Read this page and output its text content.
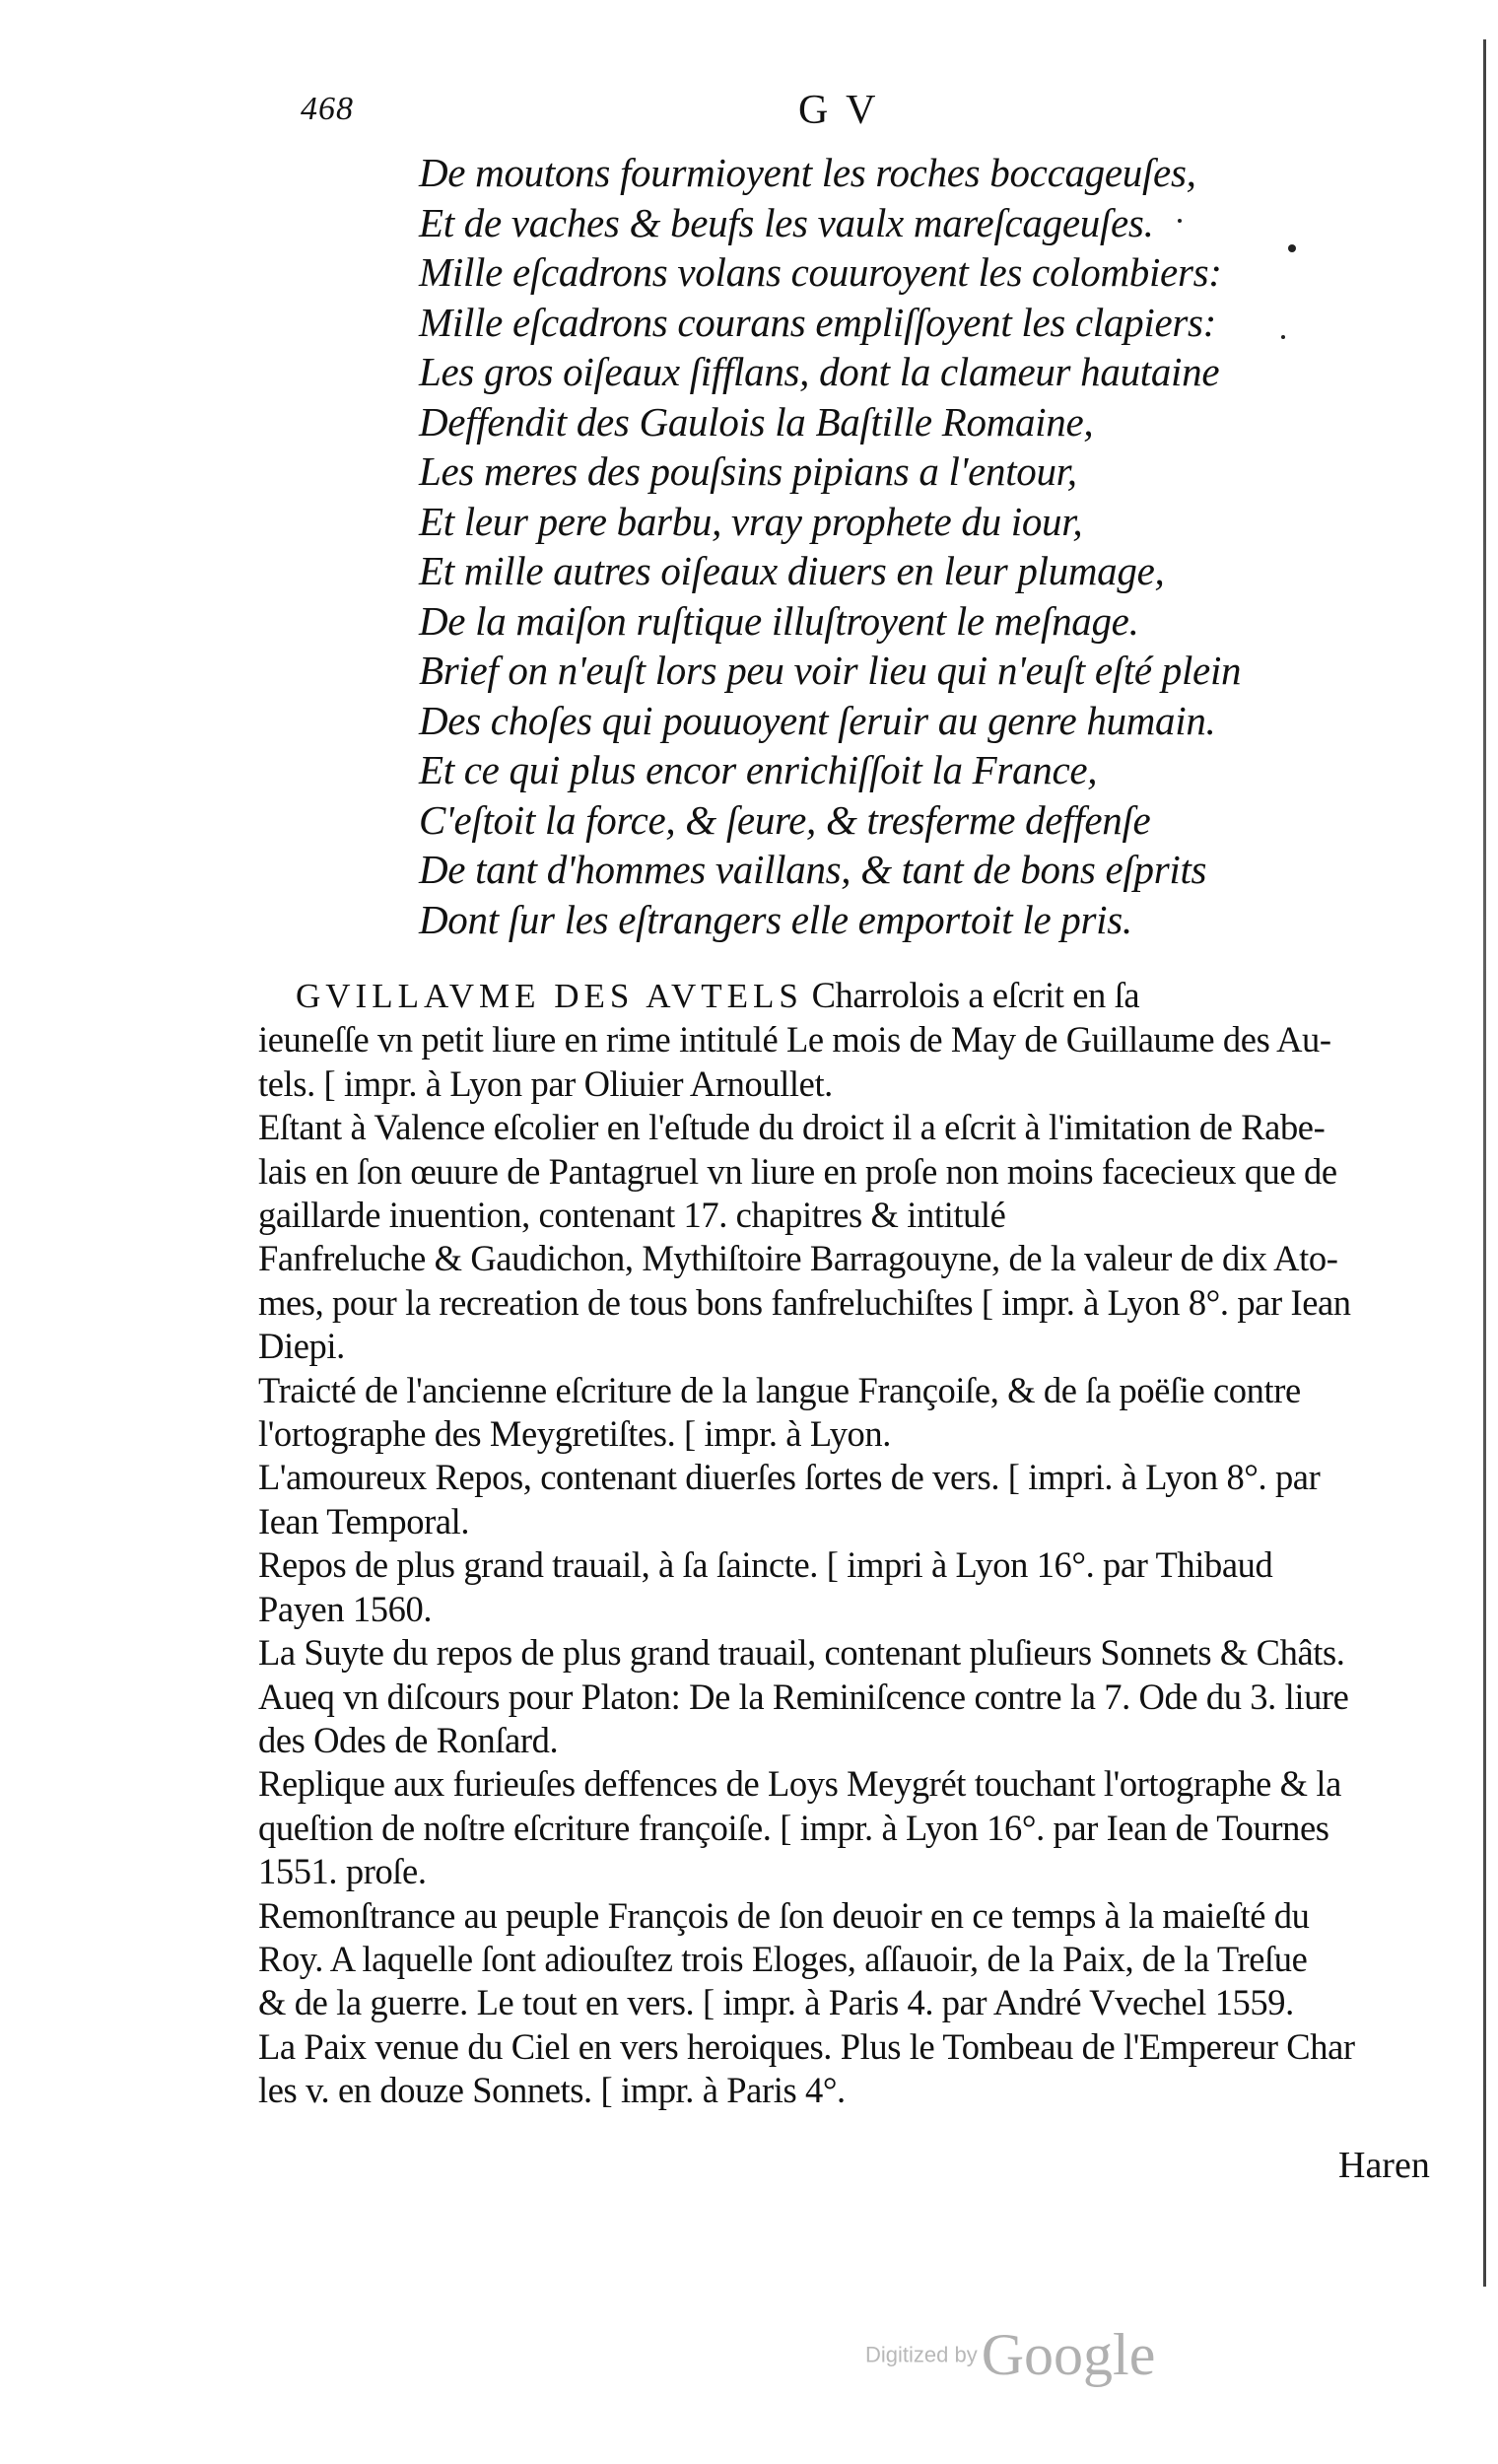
468	G V
De moutons fourmioyent les roches boccageuſes,
Et de vaches & beufs les vaulx mareſcageuſes.
Mille eſcadrons volans couuroyent les colombiers:
Mille eſcadrons courans empliſſoyent les clapiers:
Les gros oiſeaux ſifflans, dont la clameur hautaine
Deffendit des Gaulois la Baſtille Romaine,
Les meres des pouſsins pipians a l'entour,
Et leur pere barbu, vray prophete du iour,
Et mille autres oiſeaux diuers en leur plumage,
De la maiſon ruſtique illuſtroyent le meſnage.
Brief on n'euſt lors peu voir lieu qui n'euſt eſté plein
Des choſes qui pouuoyent ſeruir au genre humain.
Et ce qui plus encor enrichiſſoit la France,
C'eſtoit la force, & ſeure, & tresferme deffenſe
De tant d'hommes vaillans, & tant de bons eſprits
Dont ſur les eſtrangers elle emportoit le pris.
GVILLAVME DES AVTELS Charrolois a eſcrit en ſa
ieuneſſe vn petit liure en rime intitulé Le mois de May de Guillaume des Au-
tels. [ impr. à Lyon par Oliuier Arnoullet.
Eſtant à Valence eſcolier en l'eſtude du droict il a eſcrit à l'imitation de Rabe-
lais en ſon œuure de Pantagruel vn liure en proſe non moins facecieux que de
gaillarde inuention, contenant 17. chapitres & intitulé
Fanfreluche & Gaudichon, Mythiſtoire Barragouyne, de la valeur de dix Ato-
mes, pour la recreation de tous bons fanfreluchiſtes [ impr. à Lyon 8°. par Iean
Diepi.
Traicté de l'ancienne eſcriture de la langue Françoiſe, & de ſa poëſie contre
l'ortographe des Meygretiſtes. [ impr. à Lyon.
L'amoureux Repos, contenant diuerſes ſortes de vers. [ impri. à Lyon 8°. par
Iean Temporal.
Repos de plus grand trauail, à ſa ſaincte. [ impri à Lyon 16°. par Thibaud
Payen 1560.
La Suyte du repos de plus grand trauail, contenant pluſieurs Sonnets & Châts.
Aueq vn diſcours pour Platon: De la Reminiſcence contre la 7. Ode du 3. liure
des Odes de Ronſard.
Replique aux furieuſes deffences de Loys Meygrét touchant l'ortographe & la
queſtion de noſtre eſcriture françoiſe. [ impr. à Lyon 16°. par Iean de Tournes
1551. proſe.
Remonſtrance au peuple François de ſon deuoir en ce temps à la maieſté du
Roy. A laquelle ſont adiouſtez trois Eloges, aſſauoir, de la Paix, de la Treſue
& de la guerre. Le tout en vers. [ impr. à Paris 4. par André Vvechel 1559.
La Paix venue du Ciel en vers heroiques. Plus le Tombeau de l'Empereur Char
les v. en douze Sonnets. [ impr. à Paris 4°.
Haren
Digitized by Google
